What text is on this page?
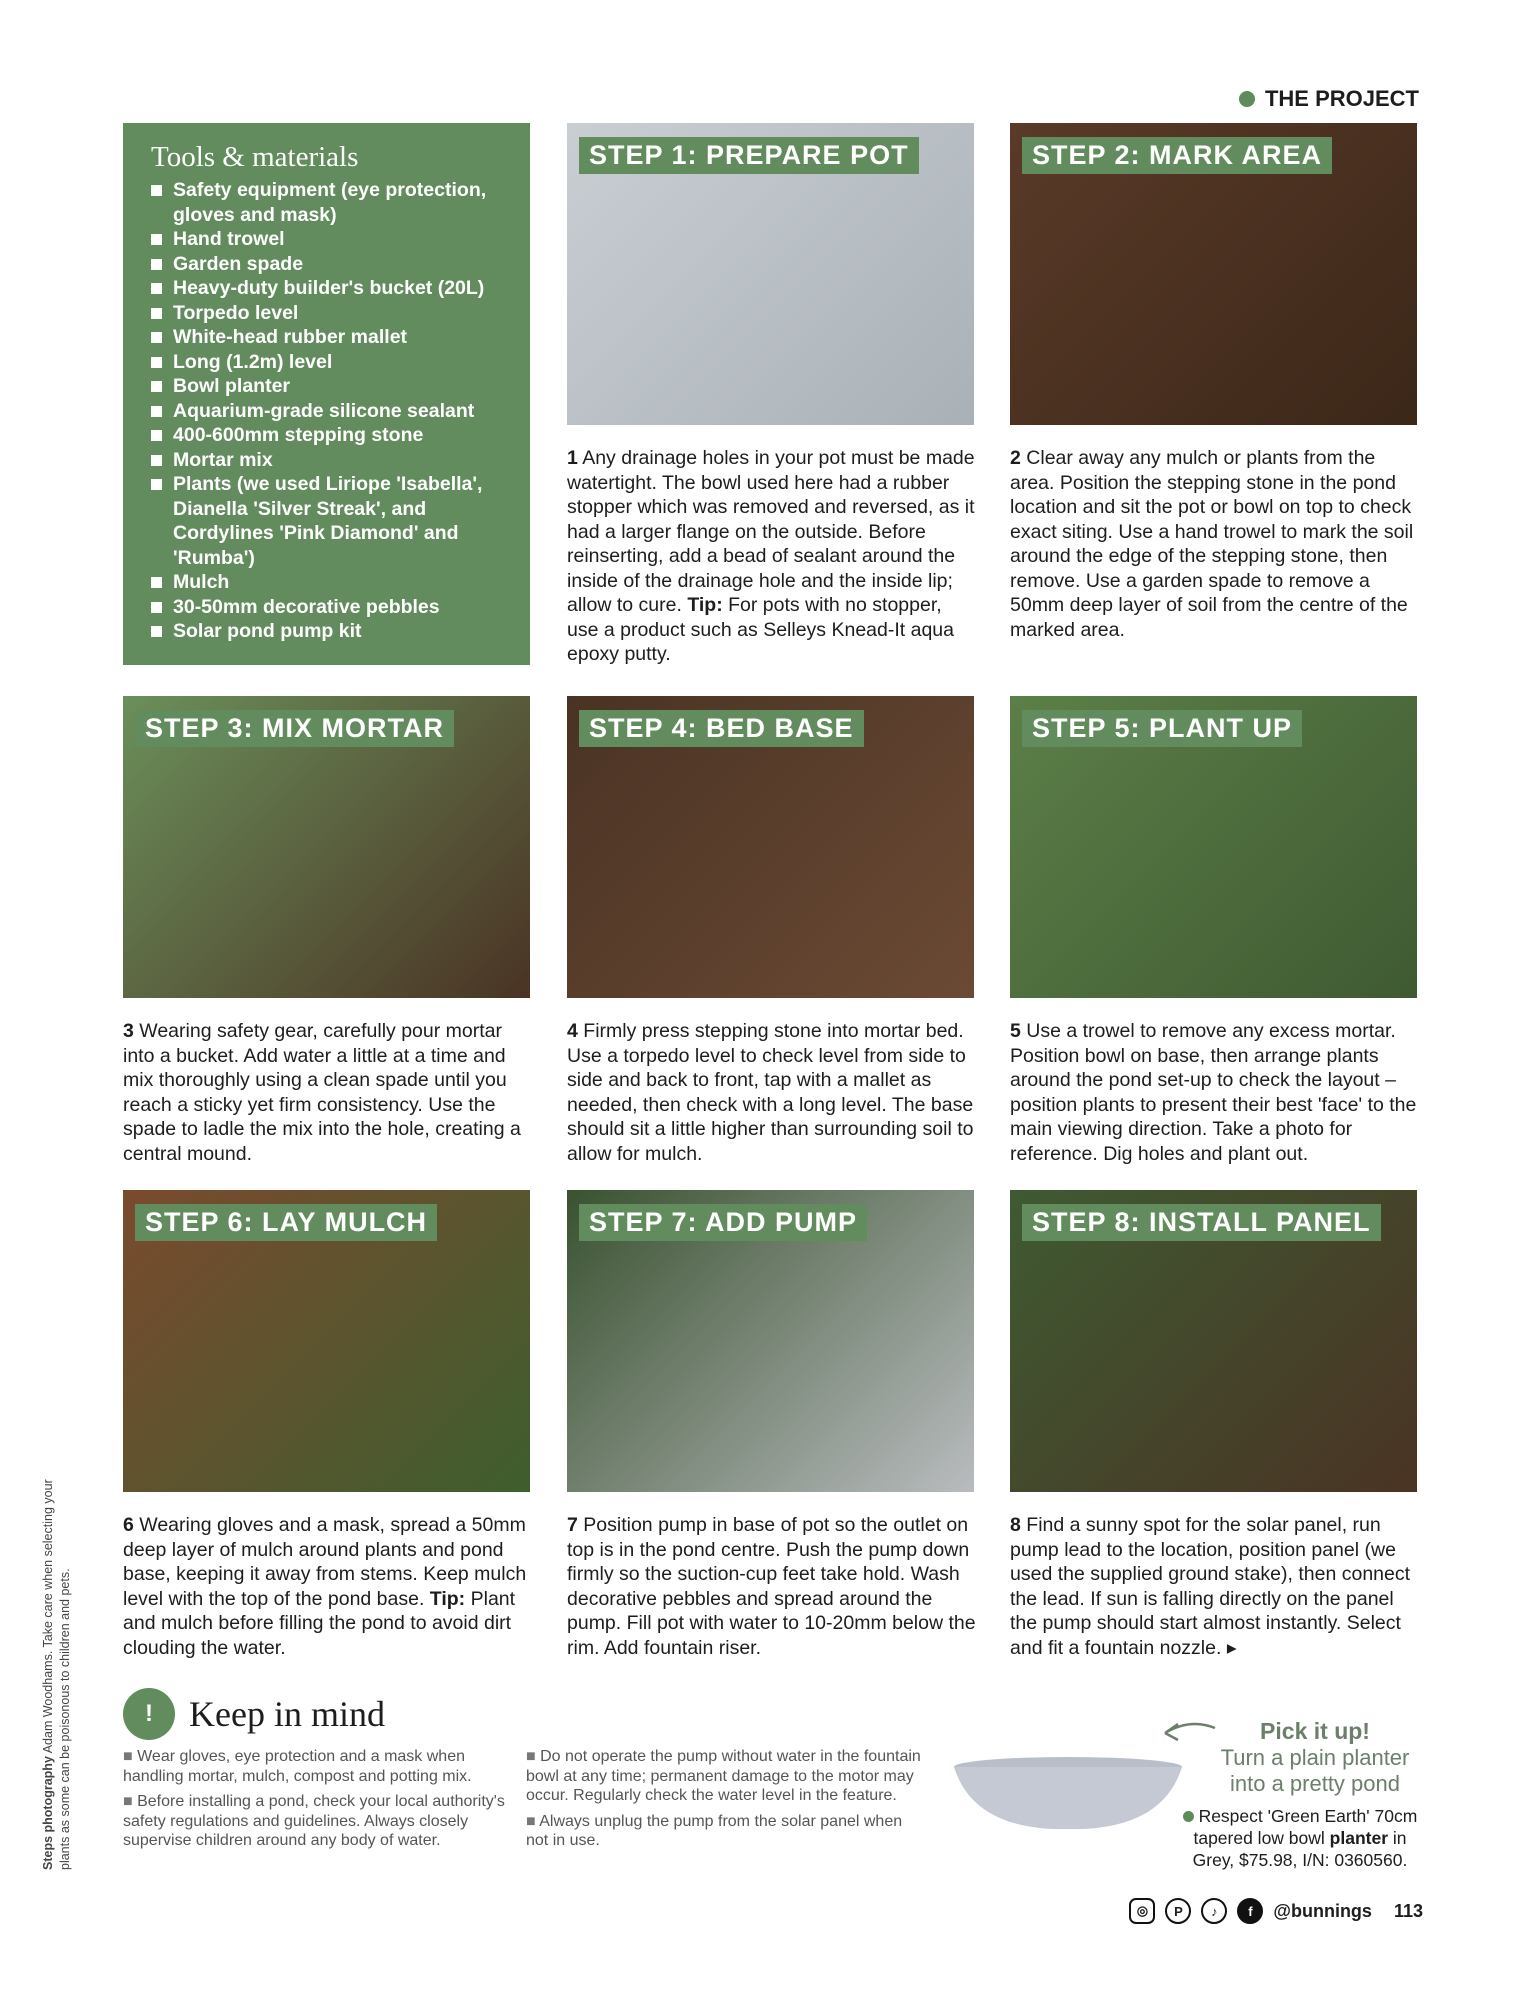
THE PROJECT
Tools & materials
Safety equipment (eye protection, gloves and mask)
Hand trowel
Garden spade
Heavy-duty builder's bucket (20L)
Torpedo level
White-head rubber mallet
Long (1.2m) level
Bowl planter
Aquarium-grade silicone sealant
400-600mm stepping stone
Mortar mix
Plants (we used Liriope 'Isabella', Dianella 'Silver Streak', and Cordylines 'Pink Diamond' and 'Rumba')
Mulch
30-50mm decorative pebbles
Solar pond pump kit
STEP 1: PREPARE POT
1 Any drainage holes in your pot must be made watertight. The bowl used here had a rubber stopper which was removed and reversed, as it had a larger flange on the outside. Before reinserting, add a bead of sealant around the inside of the drainage hole and the inside lip; allow to cure. Tip: For pots with no stopper, use a product such as Selleys Knead-It aqua epoxy putty.
STEP 2: MARK AREA
2 Clear away any mulch or plants from the area. Position the stepping stone in the pond location and sit the pot or bowl on top to check exact siting. Use a hand trowel to mark the soil around the edge of the stepping stone, then remove. Use a garden spade to remove a 50mm deep layer of soil from the centre of the marked area.
STEP 3: MIX MORTAR
3 Wearing safety gear, carefully pour mortar into a bucket. Add water a little at a time and mix thoroughly using a clean spade until you reach a sticky yet firm consistency. Use the spade to ladle the mix into the hole, creating a central mound.
STEP 4: BED BASE
4 Firmly press stepping stone into mortar bed. Use a torpedo level to check level from side to side and back to front, tap with a mallet as needed, then check with a long level. The base should sit a little higher than surrounding soil to allow for mulch.
STEP 5: PLANT UP
5 Use a trowel to remove any excess mortar. Position bowl on base, then arrange plants around the pond set-up to check the layout – position plants to present their best 'face' to the main viewing direction. Take a photo for reference. Dig holes and plant out.
STEP 6: LAY MULCH
6 Wearing gloves and a mask, spread a 50mm deep layer of mulch around plants and pond base, keeping it away from stems. Keep mulch level with the top of the pond base. Tip: Plant and mulch before filling the pond to avoid dirt clouding the water.
STEP 7: ADD PUMP
7 Position pump in base of pot so the outlet on top is in the pond centre. Push the pump down firmly so the suction-cup feet take hold. Wash decorative pebbles and spread around the pump. Fill pot with water to 10-20mm below the rim. Add fountain riser.
STEP 8: INSTALL PANEL
8 Find a sunny spot for the solar panel, run pump lead to the location, position panel (we used the supplied ground stake), then connect the lead. If sun is falling directly on the panel the pump should start almost instantly. Select and fit a fountain nozzle. ▸
!	Keep in mind

■ Wear gloves, eye protection and a mask when handling mortar, mulch, compost and potting mix.

■ Before installing a pond, check your local authority's safety regulations and guidelines. Always closely supervise children around any body of water.

■ Do not operate the pump without water in the fountain bowl at any time; permanent damage to the motor may occur. Regularly check the water level in the feature.

■ Always unplug the pump from the solar panel when not in use.

Steps photography Adam Woodhams. Take care when selecting your plants as some can be poisonous to children and pets.	Pick it up!
Turn a plain planter into a pretty pond
Respect 'Green Earth' 70cm tapered low bowl planter in Grey, $75.98, I/N: 0360560.
◎	P	♪	f	@bunnings 113
